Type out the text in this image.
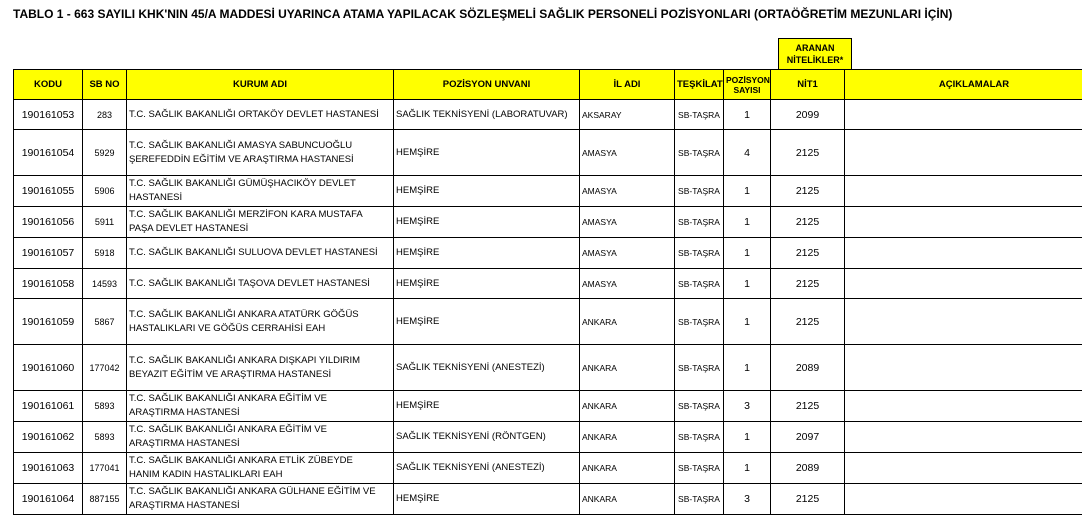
TABLO 1 - 663 SAYILI KHK'NIN 45/A MADDESİ UYARINCA ATAMA YAPILACAK SÖZLEŞMELİ SAĞLIK PERSONELİ POZİSYONLARI (ORTAÖĞRETİM MEZUNLARI İÇİN)
ARANAN
NİTELİKLER*
KODU	SB NO	KURUM ADI	POZİSYON UNVANI	İL ADI	TEŞKİLAT	POZİSYON
SAYISI	NİT1	AÇIKLAMALAR
190161053	283	T.C. SAĞLIK BAKANLIĞI ORTAKÖY DEVLET HASTANESİ	SAĞLIK TEKNİSYENİ (LABORATUVAR)	AKSARAY	SB-TAŞRA	1	2099	
190161054	5929	T.C. SAĞLIK BAKANLIĞI AMASYA SABUNCUOĞLU
ŞEREFEDDİN EĞİTİM VE ARAŞTIRMA HASTANESİ	HEMŞİRE	AMASYA	SB-TAŞRA	4	2125	
190161055	5906	T.C. SAĞLIK BAKANLIĞI GÜMÜŞHACIKÖY DEVLET
HASTANESİ	HEMŞİRE	AMASYA	SB-TAŞRA	1	2125	
190161056	5911	T.C. SAĞLIK BAKANLIĞI MERZİFON KARA MUSTAFA
PAŞA DEVLET HASTANESİ	HEMŞİRE	AMASYA	SB-TAŞRA	1	2125	
190161057	5918	T.C. SAĞLIK BAKANLIĞI SULUOVA DEVLET HASTANESİ	HEMŞİRE	AMASYA	SB-TAŞRA	1	2125	
190161058	14593	T.C. SAĞLIK BAKANLIĞI TAŞOVA DEVLET HASTANESİ	HEMŞİRE	AMASYA	SB-TAŞRA	1	2125	
190161059	5867	T.C. SAĞLIK BAKANLIĞI ANKARA ATATÜRK GÖĞÜS
HASTALIKLARI VE GÖĞÜS CERRAHİSİ EAH	HEMŞİRE	ANKARA	SB-TAŞRA	1	2125	
190161060	177042	T.C. SAĞLIK BAKANLIĞI ANKARA DIŞKAPI YILDIRIM
BEYAZIT EĞİTİM VE ARAŞTIRMA HASTANESİ	SAĞLIK TEKNİSYENİ (ANESTEZİ)	ANKARA	SB-TAŞRA	1	2089	
190161061	5893	T.C. SAĞLIK BAKANLIĞI ANKARA EĞİTİM VE
ARAŞTIRMA HASTANESİ	HEMŞİRE	ANKARA	SB-TAŞRA	3	2125	
190161062	5893	T.C. SAĞLIK BAKANLIĞI ANKARA EĞİTİM VE
ARAŞTIRMA HASTANESİ	SAĞLIK TEKNİSYENİ (RÖNTGEN)	ANKARA	SB-TAŞRA	1	2097	
190161063	177041	T.C. SAĞLIK BAKANLIĞI ANKARA ETLİK ZÜBEYDE
HANIM KADIN HASTALIKLARI EAH	SAĞLIK TEKNİSYENİ (ANESTEZİ)	ANKARA	SB-TAŞRA	1	2089	
190161064	887155	T.C. SAĞLIK BAKANLIĞI ANKARA GÜLHANE EĞİTİM VE
ARAŞTIRMA HASTANESİ	HEMŞİRE	ANKARA	SB-TAŞRA	3	2125	
